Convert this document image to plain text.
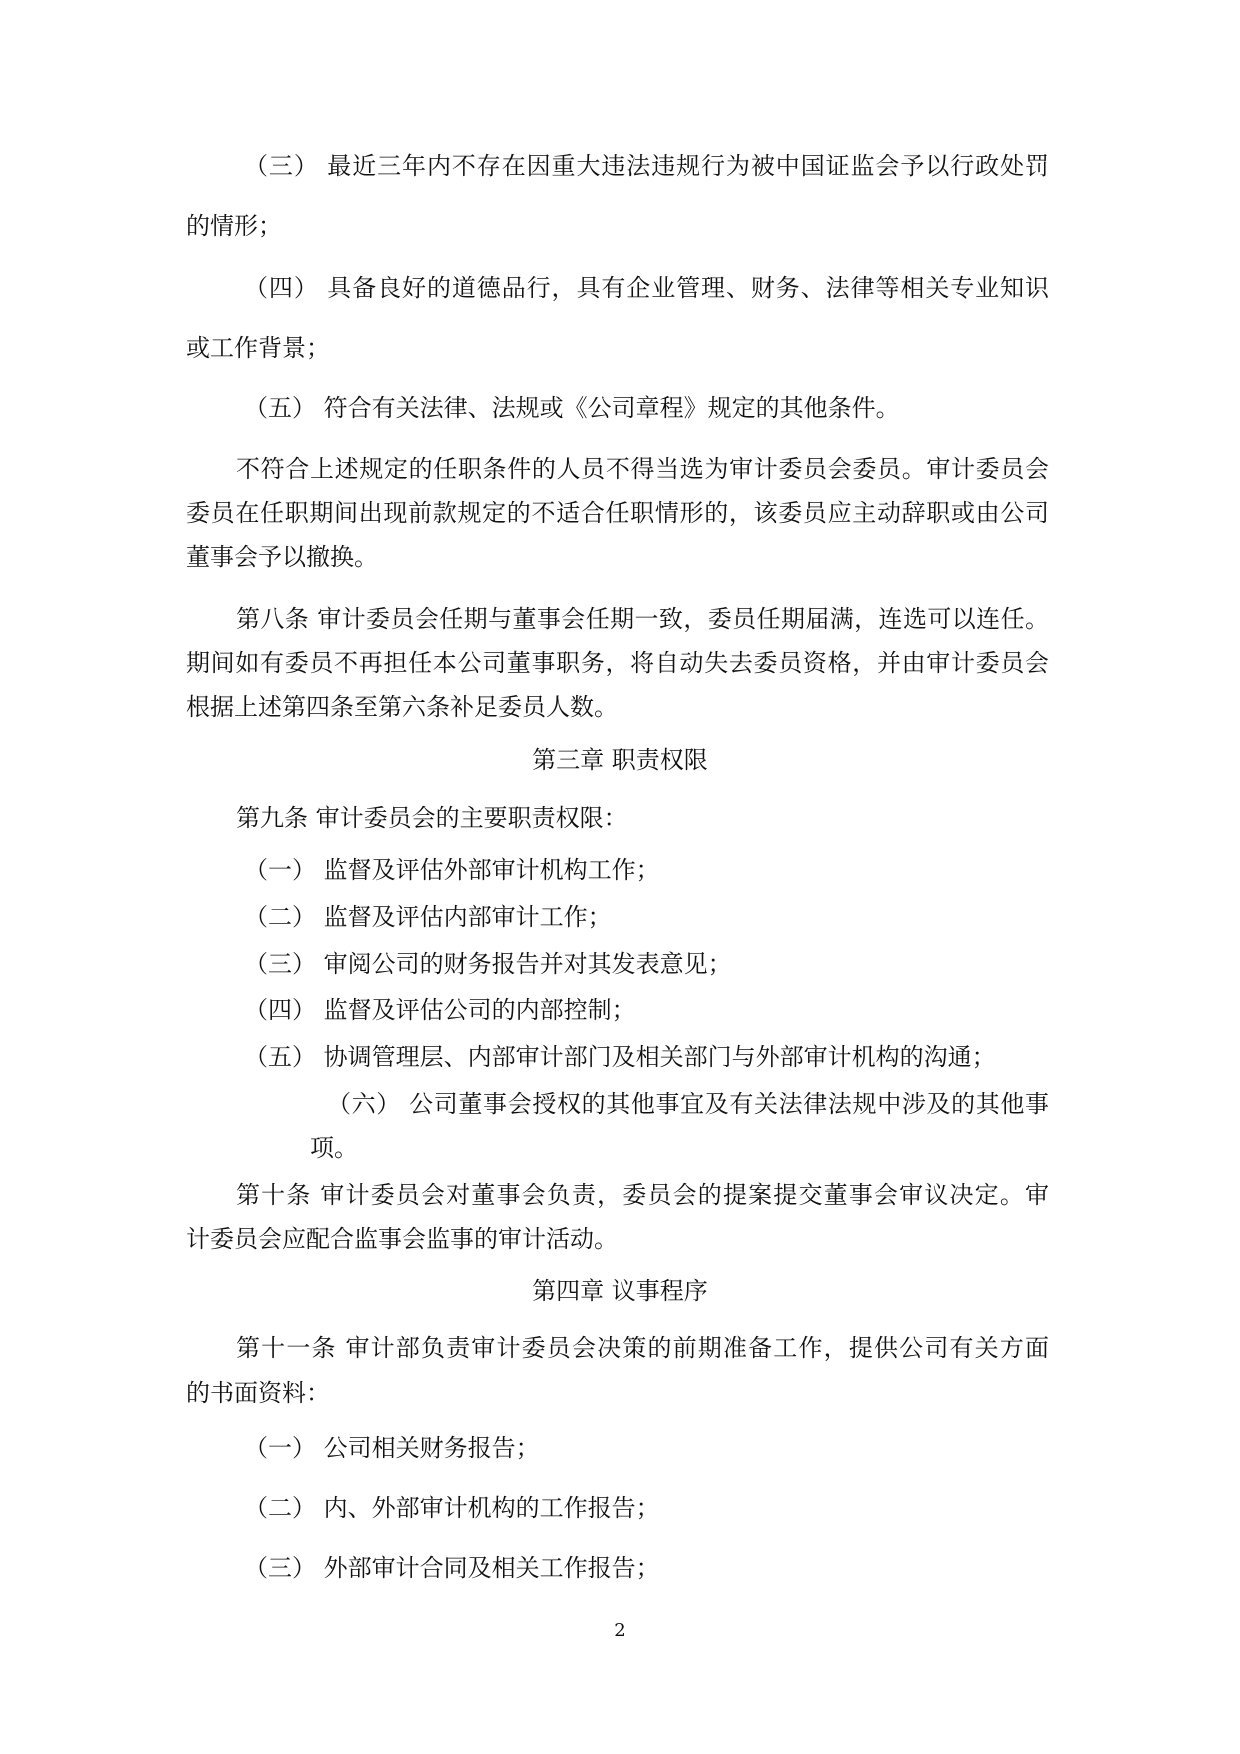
（三） 最近三年内不存在因重大违法违规行为被中国证监会予以行政处罚
的情形；
（四） 具备良好的道德品行，具有企业管理、财务、法律等相关专业知识
或工作背景；
（五） 符合有关法律、法规或《公司章程》规定的其他条件。
不符合上述规定的任职条件的人员不得当选为审计委员会委员。审计委员会
委员在任职期间出现前款规定的不适合任职情形的，该委员应主动辞职或由公司
董事会予以撤换。
第八条 审计委员会任期与董事会任期一致，委员任期届满，连选可以连任。
期间如有委员不再担任本公司董事职务，将自动失去委员资格，并由审计委员会
根据上述第四条至第六条补足委员人数。
第三章 职责权限
第九条 审计委员会的主要职责权限：
（一） 监督及评估外部审计机构工作；
（二） 监督及评估内部审计工作；
（三） 审阅公司的财务报告并对其发表意见；
（四） 监督及评估公司的内部控制；
（五） 协调管理层、内部审计部门及相关部门与外部审计机构的沟通；
（六） 公司董事会授权的其他事宜及有关法律法规中涉及的其他事
项。
第十条 审计委员会对董事会负责，委员会的提案提交董事会审议决定。审
计委员会应配合监事会监事的审计活动。
第四章 议事程序
第十一条 审计部负责审计委员会决策的前期准备工作，提供公司有关方面
的书面资料：
（一） 公司相关财务报告；
（二） 内、外部审计机构的工作报告；
（三） 外部审计合同及相关工作报告；
2
